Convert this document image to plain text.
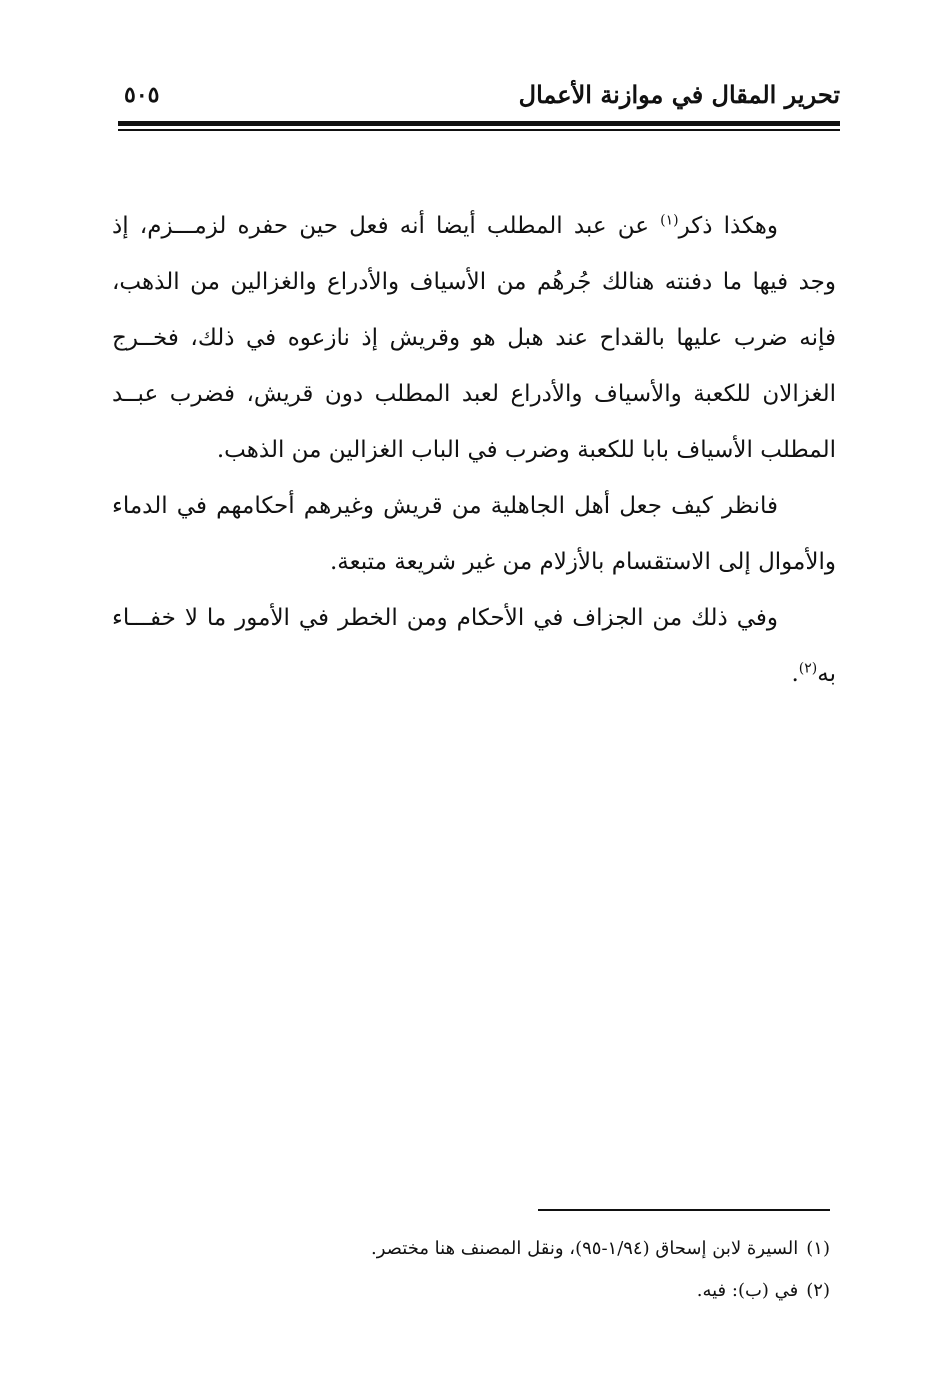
تحرير المقال في موازنة الأعمال
٥٠٥

وهكذا ذكر$^{(١)}$ عن عبد المطلب أيضا أنه فعل حين حفره لزمـــزم، إذ وجد فيها ما دفنته هنالك جُرهُم من الأسياف والأدراع والغزالين من الذهب، فإنه ضرب عليها بالقداح عند هبل هو وقريش إذ نازعوه في ذلك، فخــرج الغزالان للكعبة والأسياف والأدراع لعبد المطلب دون قريش، فضرب عبــد المطلب الأسياف بابا للكعبة وضرب في الباب الغزالين من الذهب.

فانظر كيف جعل أهل الجاهلية من قريش وغيرهم أحكامهم في الدماء والأموال إلى الاستقسام بالأزلام من غير شريعة متبعة.

وفي ذلك من الجزاف في الأحكام ومن الخطر في الأمور ما لا خفـــاء به$^{(٢)}$.

(١)السيرة لابن إسحاق (١/٩٤-٩٥)، ونقل المصنف هنا مختصر.

(٢)في (ب): فيه.
